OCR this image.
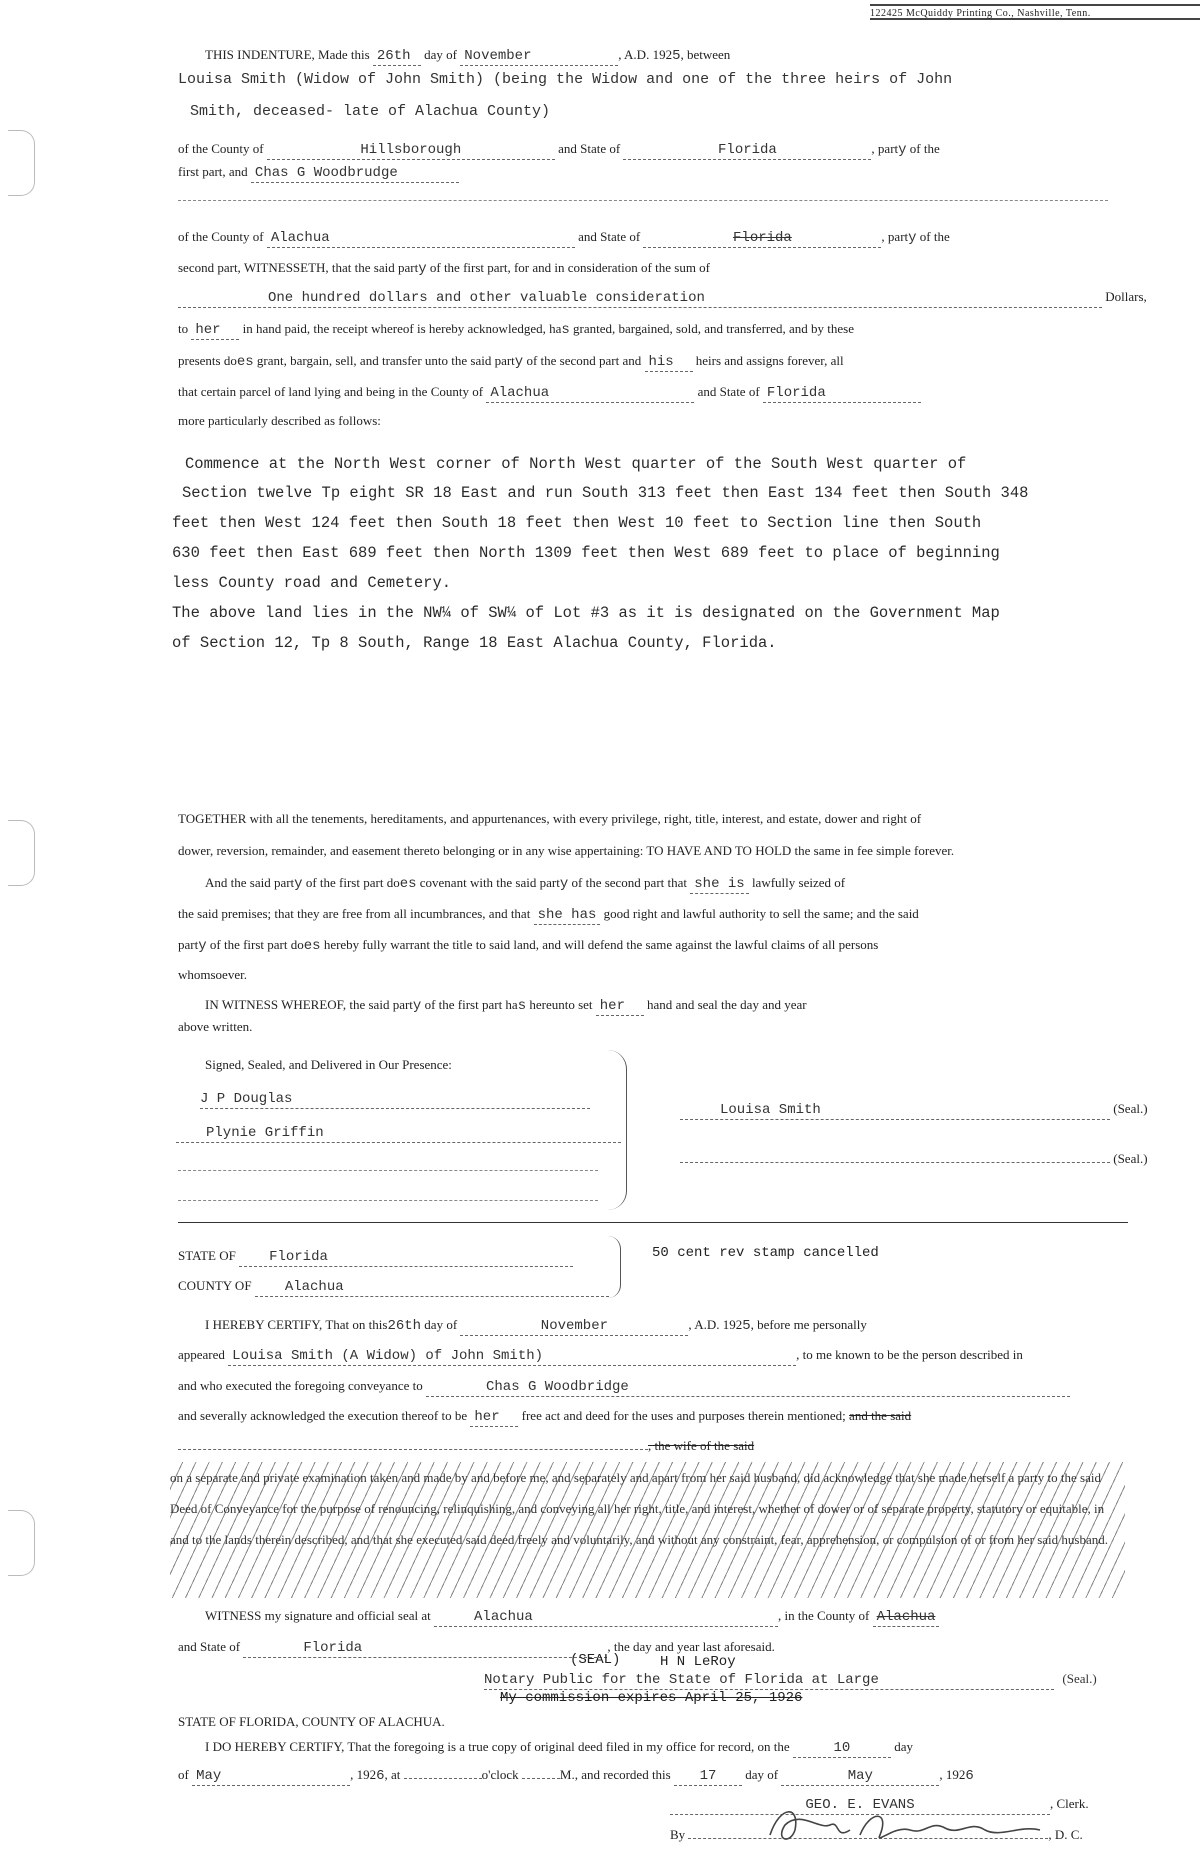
122425 McQuiddy Printing Co., Nashville, Tenn.
THIS INDENTURE, Made this 26th day of November	, A.D. 1925, between
Louisa Smith (Widow of John Smith) (being the Widow and one of the three heirs of John
Smith, deceased- late of Alachua County)
of the County of	Hillsborough	and State of	Florida	, party of the
first part, and Chas G Woodbrudge
of the County of Alachua	and State of	Florida	, party of the
second part, WITNESSETH, that the said party of the first part, for and in consideration of the sum of
One hundred dollars and other valuable consideration	Dollars,
to her in hand paid, the receipt whereof is hereby acknowledged, has granted, bargained, sold, and transferred, and by these
presents does grant, bargain, sell, and transfer unto the said party of the second part and his heirs and assigns forever, all
that certain parcel of land lying and being in the County of Alachua	and State of Florida
more particularly described as follows:
Commence at the North West corner of North West quarter of the South West quarter of
Section twelve Tp eight SR 18 East and run South 313 feet then East 134 feet then South 348
feet then West 124 feet then South 18 feet then West 10 feet to Section line then South
630 feet then East 689 feet then North 1309 feet then West 689 feet to place of beginning
less County road and Cemetery.
The above land lies in the NW¼ of SW¼ of Lot #3 as it is designated on the Government Map
of Section 12, Tp 8 South, Range 18 East Alachua County, Florida.
TOGETHER with all the tenements, hereditaments, and appurtenances, with every privilege, right, title, interest, and estate, dower and right of
dower, reversion, remainder, and easement thereto belonging or in any wise appertaining: TO HAVE AND TO HOLD the same in fee simple forever.
And the said party of the first part does covenant with the said party of the second part that she is lawfully seized of
the said premises; that they are free from all incumbrances, and that she has good right and lawful authority to sell the same; and the said
party of the first part does hereby fully warrant the title to said land, and will defend the same against the lawful claims of all persons
whomsoever.
IN WITNESS WHEREOF, the said party of the first part has hereunto set her hand and seal the day and year
above written.
Signed, Sealed, and Delivered in Our Presence:
J P Douglas
Plynie Griffin
Louisa Smith	(Seal.)
(Seal.)
STATE OF Florida
COUNTY OF Alachua
50 cent rev stamp cancelled
I HEREBY CERTIFY, That on this26th day of	November	, A.D. 1925, before me personally
appeared Louisa Smith (A Widow) of John Smith)	, to me known to be the person described in
and who executed the foregoing conveyance to	Chas G Woodbridge
and severally acknowledged the execution thereof to be her free act and deed for the uses and purposes therein mentioned; and the said
, the wife of the said
on a separate and private examination taken and made by and before me, and separately and apart from her said husband, did acknowledge that she made herself a party to the said Deed of Conveyance for the purpose of renouncing, relinquishing, and conveying all her right, title, and interest, whether of dower or of separate property, statutory or equitable, in and to the lands therein described, and that she executed said deed freely and voluntarily, and without any constraint, fear, apprehension, or compulsion of or from her said husband.
WITNESS my signature and official seal at	Alachua	, in the County of Alachua
and State of	Florida	, the day and year last aforesaid.
(SEAL)	H N LeRoy
Notary Public for the State of Florida at Large	(Seal.)
My commission expires April 25, 1926
STATE OF FLORIDA, COUNTY OF ALACHUA.
I DO HEREBY CERTIFY, That the foregoing is a true copy of original deed filed in my office for record, on the	10	day
of May	, 1926, at	o'clock	M., and recorded this 17 day of	May	, 1926
GEO. E. EVANS	, Clerk.
By	, D. C.
